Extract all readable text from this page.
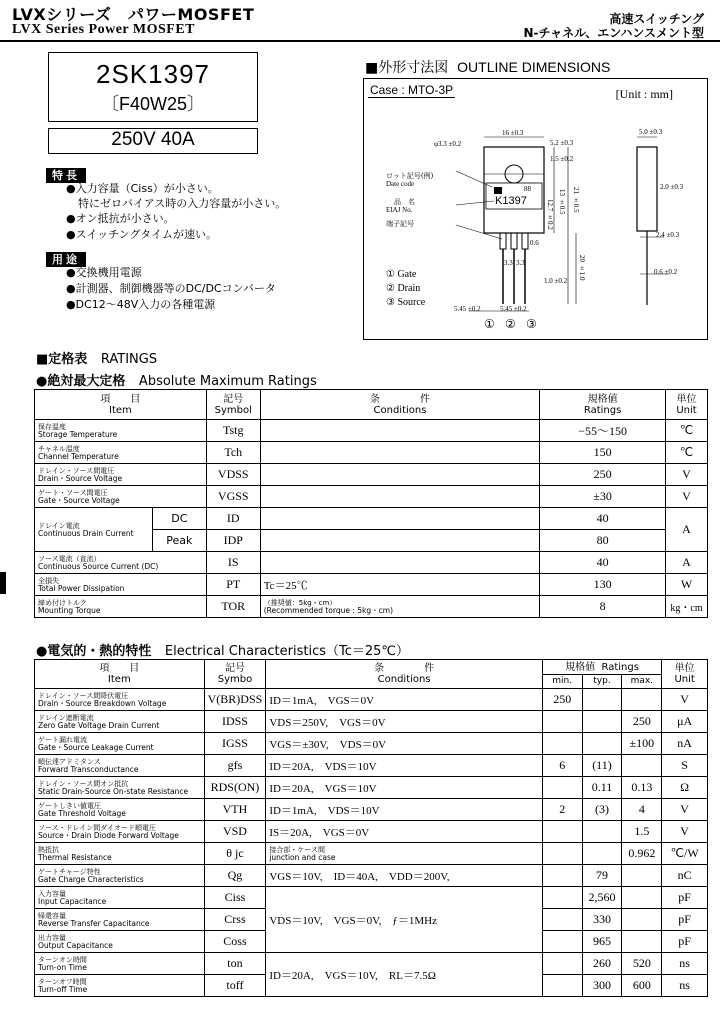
LVXシリーズ　パワーMOSFET
LVX Series Power MOSFET
高速スイッチング
N-チャネル、エンハンスメント型
2SK1397
〔F40W25〕
250V 40A
特長
●入力容量（Ciss）が小さい。
特にゼロバイアス時の入力容量が小さい。
●オン抵抗が小さい。
●スイッチングタイムが速い。
用途
●交換機用電源
●計測器、制御機器等のDC/DCコンバータ
●DC12〜48V入力の各種電源
■外形寸法図 OUTLINE DIMENSIONS
Case : MTO-3P	[Unit : mm]
ロット記号(例)
Date code
品　名
EIAJ No.
端子記号
K1397
88
φ3.3 ±0.2
16 ±0.3
5.2 ±0.3
1.5 ±0.2
5.0 ±0.3
2.0 ±0.3
2.4 ±0.3
0.6 ±0.2
13 ±0.5 21 ±0.5
12.7 ±0.2
20 ±1.0
1.0 ±0.2
3.3 3.3
5.45 ±0.2	5.45 ±0.2
0.6
① Gate
② Drain
③ Source
① ② ③
■定格表 RATINGS
●絶対最大定格 Absolute Maximum Ratings
項　　目
Item		記号
Symbol	条　　　　件
Conditions	規格値
Ratings	単位
Unit

保存温度
Storage Temperature		Tstg		−55〜150	℃

チャネル温度
Channel Temperature		Tch		150	℃

ドレイン・ソース間電圧
Drain・Source Voltage		VDSS		250	V

ゲート・ソース間電圧
Gate・Source Voltage		VGSS		±30	V

ドレイン電流
Continuous Drain Current	DC	ID		40	A
	Peak	IDP		80	

ソース電流（直流）
Continuous Source Current (DC)		IS		40	A

全損失
Total Power Dissipation		PT	Tc＝25℃	130	W

締め付けトルク
Mounting Torque		TOR	（推奨値：5kg・cm）
(Recommended torque : 5kg・cm)	8	kg・cm
●電気的・熱的特性 Electrical Characteristics（Tc＝25℃）
項　　目
Item	記号
Symbo	条　　　　件
Conditions	規格値 Ratings			単位
Unit
			min.	typ.	max.	

ドレイン・ソース間降伏電圧
Drain・Source Breakdown Voltage	V(BR)DSS	ID＝1mA,　VGS＝0V	250			V

ドレイン遮断電流
Zero Gate Voltage Drain Current	IDSS	VDS＝250V,　VGS＝0V			250	μA

ゲート漏れ電流
Gate・Source Leakage Current	IGSS	VGS＝±30V,　VDS＝0V			±100	nA

順伝達アドミタンス
Forward Transconductance	gfs	ID＝20A,　VDS＝10V	6	(11)		S

ドレイン・ソース間オン抵抗
Static Drain-Source On-state Resistance	RDS(ON)	ID＝20A,　VGS＝10V		0.11	0.13	Ω

ゲートしきい値電圧
Gate Threshold Voltage	VTH	ID＝1mA,　VDS＝10V	2	(3)	4	V

ソース・ドレイン間ダイオード順電圧
Source・Drain Diode Forward Voltage	VSD	IS＝20A,　VGS＝0V			1.5	V

熱抵抗
Thermal Resistance	θ jc	接合部・ケース間
junction and case			0.962	℃/W

ゲートチャージ特性
Gate Charge Characteristics	Qg	VGS＝10V,　ID＝40A,　VDD＝200V,		79		nC

入力容量
Input Capacitance	Ciss	VDS＝10V,　VGS＝0V,　ƒ＝1MHz		2,560		pF

帰還容量
Reverse Transfer Capacitance	Crss			330		pF

出力容量
Output Capacitance	Coss			965		pF

ターンオン時間
Turn-on Time	ton	ID＝20A,　VGS＝10V,　RL＝7.5Ω		260	520	ns

ターンオフ時間
Turn-off Time	toff			300	600	ns
